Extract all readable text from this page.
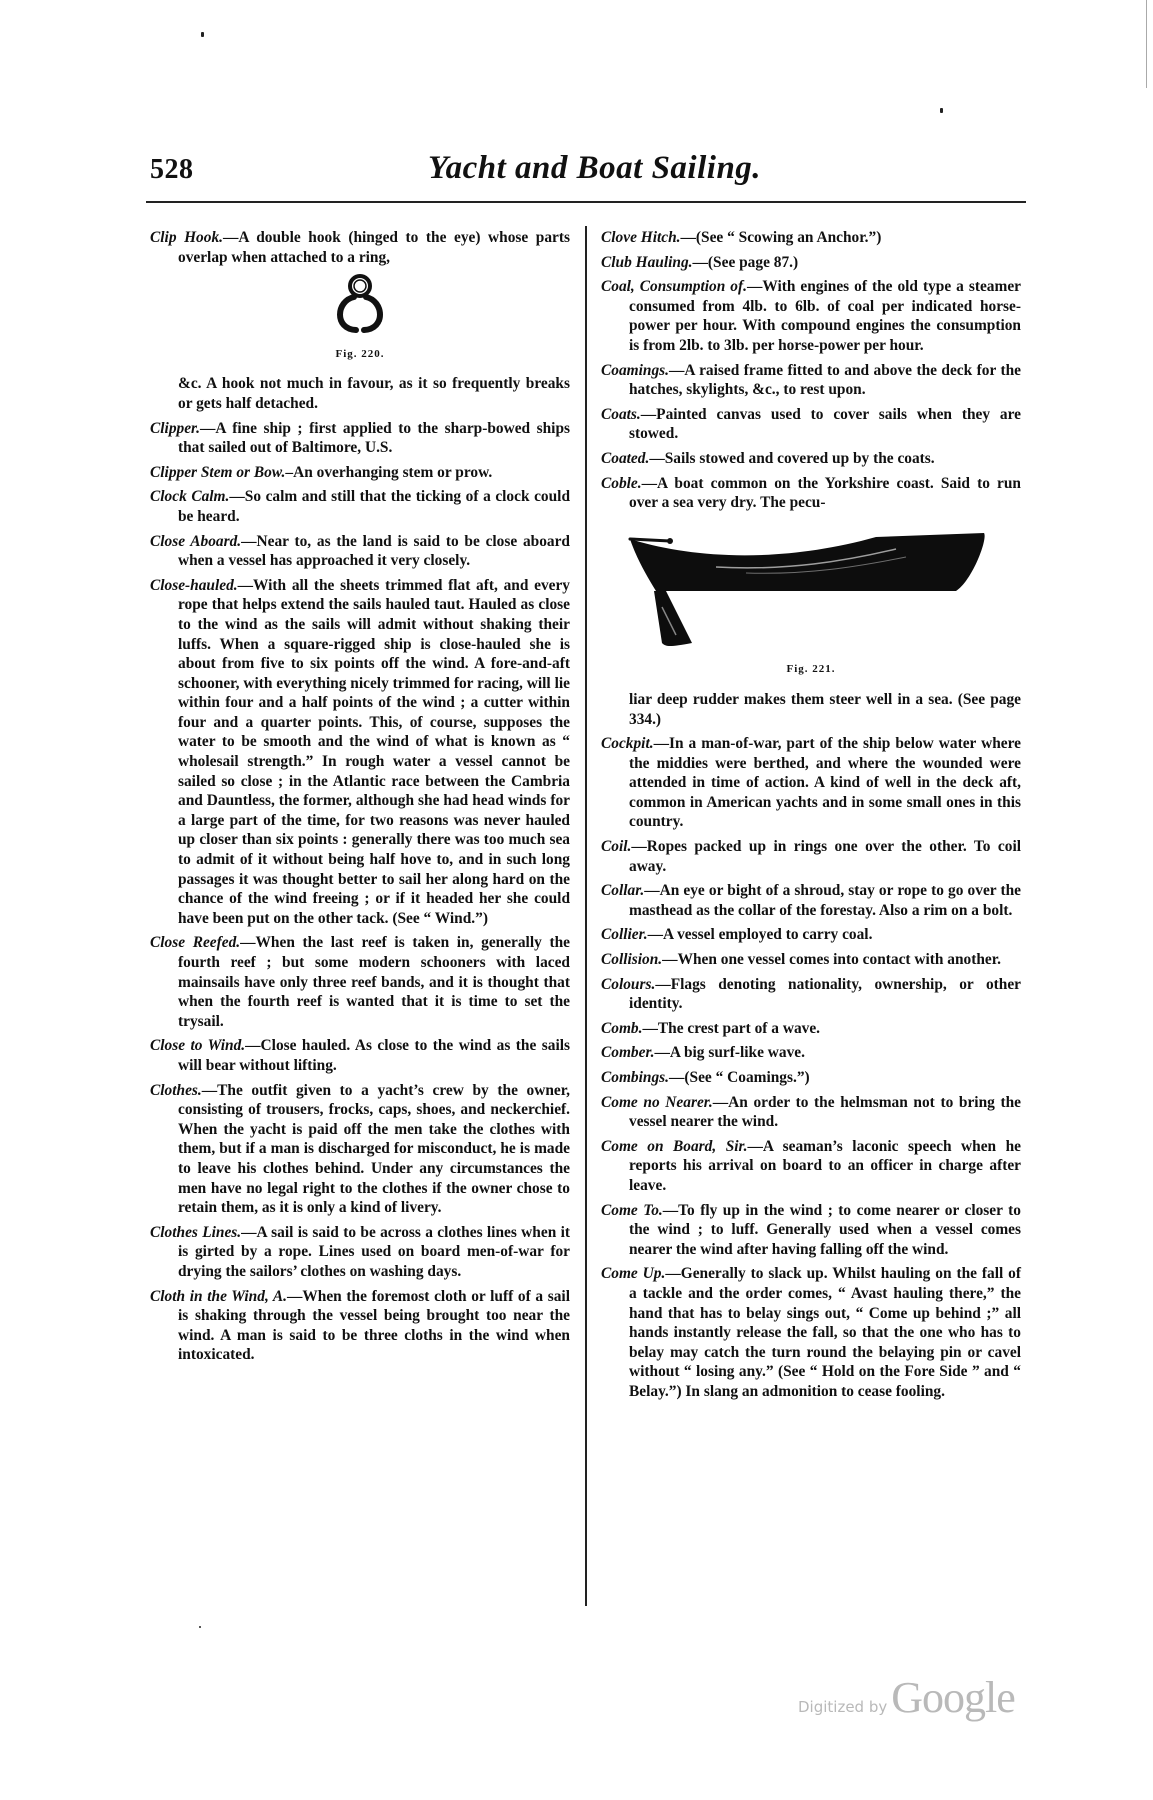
528	Yacht and Boat Sailing.

Clip Hook.—A double hook (hinged to the eye) whose parts overlap when attached to a ring,

Fig. 220.

&c. A hook not much in favour, as it so frequently breaks or gets half detached.

Clipper.—A fine ship ; first applied to the sharp-bowed ships that sailed out of Baltimore, U.S.

Clipper Stem or Bow.–An overhanging stem or prow.

Clock Calm.—So calm and still that the ticking of a clock could be heard.

Close Aboard.—Near to, as the land is said to be close aboard when a vessel has approached it very closely.

Close-hauled.—With all the sheets trimmed flat aft, and every rope that helps extend the sails hauled taut. Hauled as close to the wind as the sails will admit without shaking their luffs. When a square-rigged ship is close-hauled she is about from five to six points off the wind. A fore-and-aft schooner, with everything nicely trimmed for racing, will lie within four and a half points of the wind ; a cutter within four and a quarter points. This, of course, supposes the water to be smooth and the wind of what is known as “ wholesail strength.” In rough water a vessel cannot be sailed so close ; in the Atlantic race between the Cambria and Dauntless, the former, although she had head winds for a large part of the time, for two reasons was never hauled up closer than six points : generally there was too much sea to admit of it without being half hove to, and in such long passages it was thought better to sail her along hard on the chance of the wind freeing ; or if it headed her she could have been put on the other tack. (See “ Wind.”)

Close Reefed.—When the last reef is taken in, generally the fourth reef ; but some modern schooners with laced mainsails have only three reef bands, and it is thought that when the fourth reef is wanted that it is time to set the trysail.

Close to Wind.—Close hauled. As close to the wind as the sails will bear without lifting.

Clothes.—The outfit given to a yacht’s crew by the owner, consisting of trousers, frocks, caps, shoes, and neckerchief. When the yacht is paid off the men take the clothes with them, but if a man is discharged for misconduct, he is made to leave his clothes behind. Under any circumstances the men have no legal right to the clothes if the owner chose to retain them, as it is only a kind of livery.

Clothes Lines.—A sail is said to be across a clothes lines when it is girted by a rope. Lines used on board men-of-war for drying the sailors’ clothes on washing days.

Cloth in the Wind, A.—When the foremost cloth or luff of a sail is shaking through the vessel being brought too near the wind. A man is said to be three cloths in the wind when intoxicated.

Clove Hitch.—(See “ Scowing an Anchor.”)

Club Hauling.—(See page 87.)

Coal, Consumption of.—With engines of the old type a steamer consumed from 4lb. to 6lb. of coal per indicated horse-power per hour. With compound engines the consumption is from 2lb. to 3lb. per horse-power per hour.

Coamings.—A raised frame fitted to and above the deck for the hatches, skylights, &c., to rest upon.

Coats.—Painted canvas used to cover sails when they are stowed.

Coated.—Sails stowed and covered up by the coats.

Coble.—A boat common on the Yorkshire coast. Said to run over a sea very dry. The pecu-

Fig. 221.

liar deep rudder makes them steer well in a sea. (See page 334.)

Cockpit.—In a man-of-war, part of the ship below water where the middies were berthed, and where the wounded were attended in time of action. A kind of well in the deck aft, common in American yachts and in some small ones in this country.

Coil.—Ropes packed up in rings one over the other. To coil away.

Collar.—An eye or bight of a shroud, stay or rope to go over the masthead as the collar of the forestay. Also a rim on a bolt.

Collier.—A vessel employed to carry coal.

Collision.—When one vessel comes into contact with another.

Colours.—Flags denoting nationality, ownership, or other identity.

Comb.—The crest part of a wave.

Comber.—A big surf-like wave.

Combings.—(See “ Coamings.”)

Come no Nearer.—An order to the helmsman not to bring the vessel nearer the wind.

Come on Board, Sir.—A seaman’s laconic speech when he reports his arrival on board to an officer in charge after leave.

Come To.—To fly up in the wind ; to come nearer or closer to the wind ; to luff. Generally used when a vessel comes nearer the wind after having falling off the wind.

Come Up.—Generally to slack up. Whilst hauling on the fall of a tackle and the order comes, “ Avast hauling there,” the hand that has to belay sings out, “ Come up behind ;” all hands instantly release the fall, so that the one who has to belay may catch the turn round the belaying pin or cavel without “ losing any.” (See “ Hold on the Fore Side ” and “ Belay.”) In slang an admonition to cease fooling.

Digitized byGoogle
